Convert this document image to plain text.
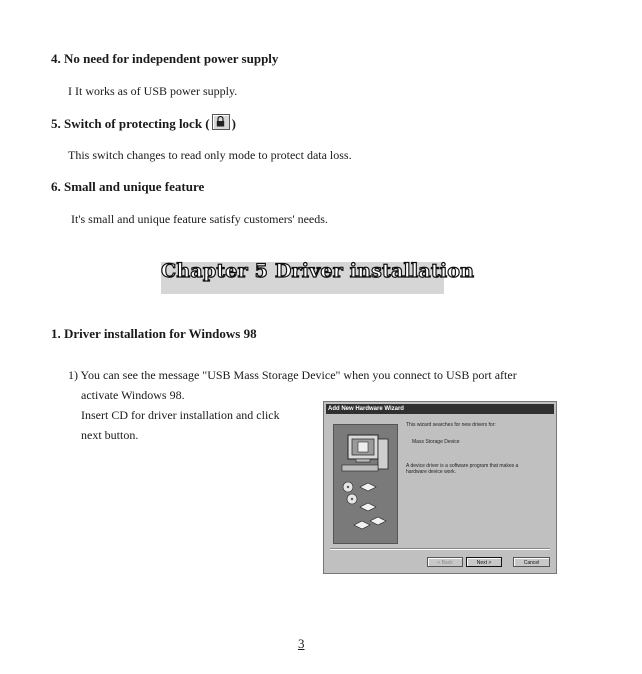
4. No need for independent power supply
I It works as of USB power supply.
5. Switch of protecting lock ( )
This switch changes to read only mode to protect data loss.
6. Small and unique feature
It's small and unique feature satisfy customers' needs.
Chapter 5 Driver installation
1. Driver installation for Windows 98
1) You can see the message "USB Mass Storage Device" when you connect to USB port after
activate Windows 98.
Insert CD for driver installation and click
next button.
Add New Hardware Wizard
This wizard searches for new drivers for:
Mass Storage Device
A device driver is a software program that makes a
hardware device work.
< Back	Next >	Cancel
3
